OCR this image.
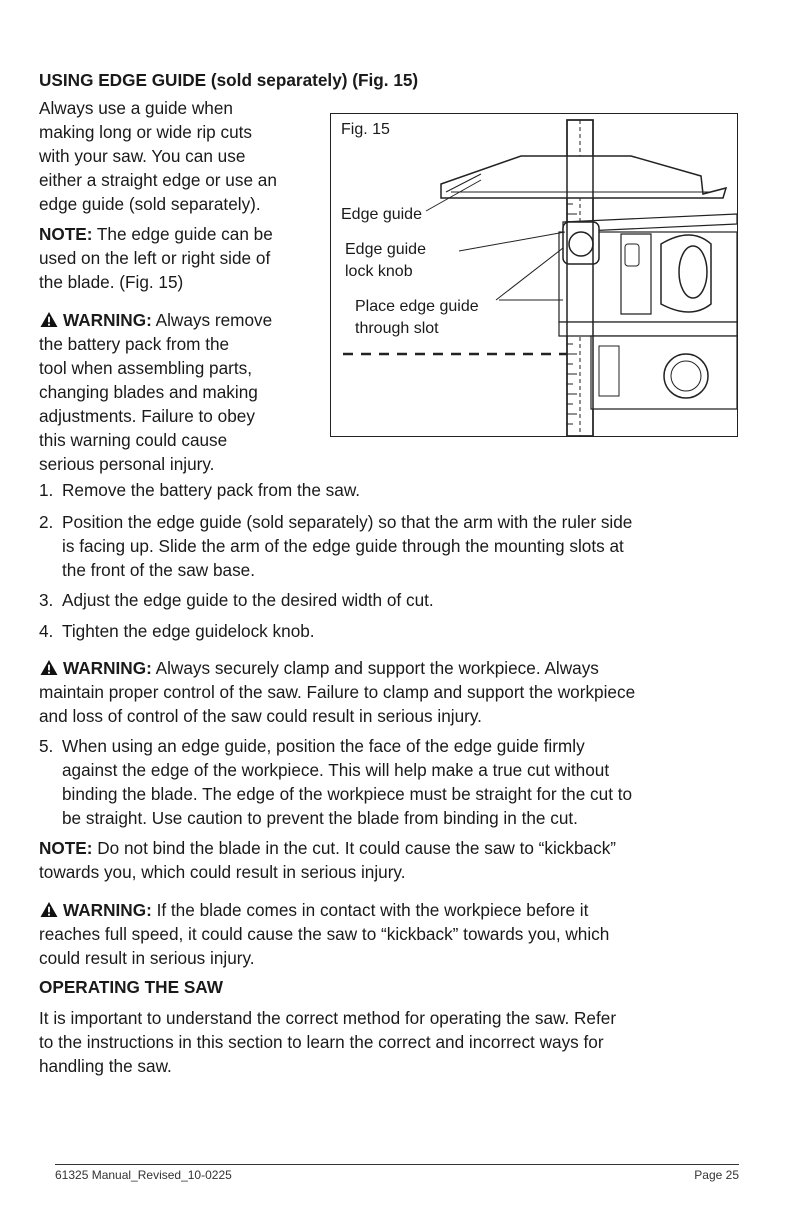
USING EDGE GUIDE (sold separately) (Fig. 15)
Always use a guide when
making long or wide rip cuts
with your saw. You can use
either a straight edge or use an
edge guide (sold separately).
NOTE: The edge guide can be
used on the left or right side of
the blade. (Fig. 15)
WARNING: Always remove
the battery pack from the
tool when assembling parts,
changing blades and making
adjustments. Failure to obey
this warning could cause
serious personal injury.
Fig. 15
Edge guide
Edge guide
lock knob
Place edge guide
through slot
1. Remove the battery pack from the saw.
2. Position the edge guide (sold separately) so that the arm with the ruler side
is facing up. Slide the arm of the edge guide through the mounting slots at
the front of the saw base.
3. Adjust the edge guide to the desired width of cut.
4. Tighten the edge guidelock knob.
WARNING: Always securely clamp and support the workpiece. Always
maintain proper control of the saw. Failure to clamp and support the workpiece
and loss of control of the saw could result in serious injury.
5. When using an edge guide, position the face of the edge guide firmly
against the edge of the workpiece. This will help make a true cut without
binding the blade. The edge of the workpiece must be straight for the cut to
be straight. Use caution to prevent the blade from binding in the cut.
NOTE: Do not bind the blade in the cut. It could cause the saw to “kickback”
towards you, which could result in serious injury.
WARNING: If the blade comes in contact with the workpiece before it
reaches full speed, it could cause the saw to “kickback” towards you, which
could result in serious injury.
OPERATING THE SAW
It is important to understand the correct method for operating the saw. Refer
to the instructions in this section to learn the correct and incorrect ways for
handling the saw.
61325 Manual_Revised_10-0225	Page 25
